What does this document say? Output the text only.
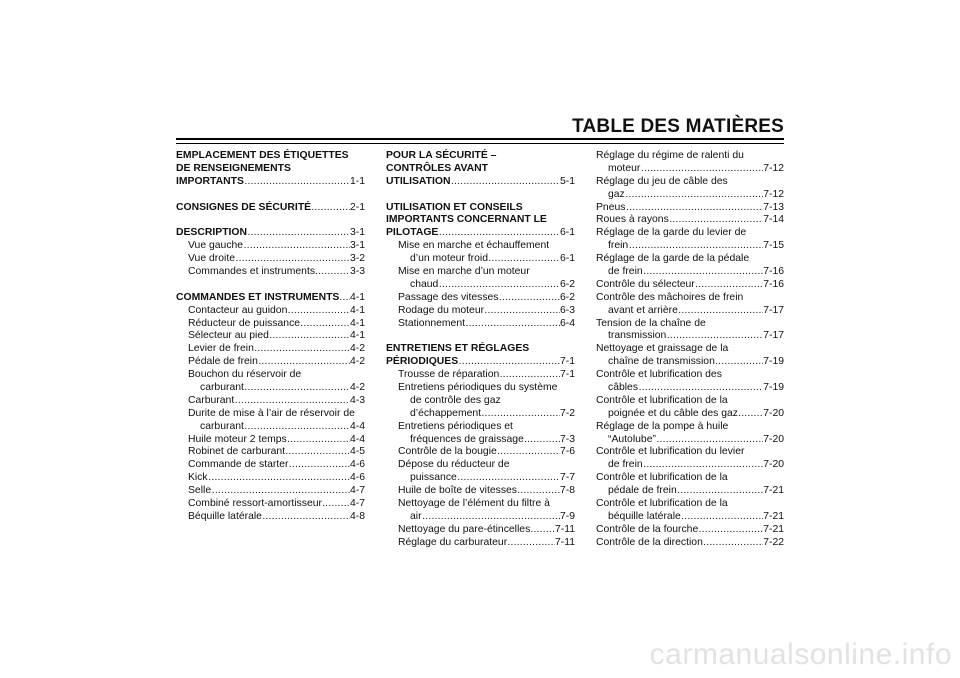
TABLE DES MATIÈRES
EMPLACEMENT DES ÉTIQUETTES
DE RENSEIGNEMENTS
IMPORTANTS .....	1-1
CONSIGNES DE SÉCURITÉ .....	2-1
DESCRIPTION .....	3-1
Vue gauche .....	3-1
Vue droite .....	3-2
Commandes et instruments. .....	3-3
COMMANDES ET INSTRUMENTS ..... 4-1
Contacteur au guidon .....	4-1
Réducteur de puissance .....	4-1
Sélecteur au pied .....	4-1
Levier de frein .....	4-2
Pédale de frein .....	4-2
Bouchon du réservoir de
carburant .....	4-2
Carburant .....	4-3
Durite de mise à l’air de réservoir de
carburant .....	4-4
Huile moteur 2 temps .....	4-4
Robinet de carburant .....	4-5
Commande de starter .....	4-6
Kick .....	4-6
Selle .....	4-7
Combiné ressort-amortisseur .....	4-7
Béquille latérale .....	4-8
POUR LA SÉCURITÉ –
CONTRÔLES AVANT
UTILISATION .....	5-1
UTILISATION ET CONSEILS
IMPORTANTS CONCERNANT LE
PILOTAGE .....	6-1
Mise en marche et échauffement
d’un moteur froid .....	6-1
Mise en marche d’un moteur
chaud .....	6-2
Passage des vitesses .....	6-2
Rodage du moteur .....	6-3
Stationnement .....	6-4
ENTRETIENS ET RÉGLAGES
PÉRIODIQUES .....	7-1
Trousse de réparation .....	7-1
Entretiens périodiques du système
de contrôle des gaz
d’échappement .....	7-2
Entretiens périodiques et
fréquences de graissage .....	7-3
Contrôle de la bougie .....	7-6
Dépose du réducteur de
puissance .....	7-7
Huile de boîte de vitesses .....	7-8
Nettoyage de l’élément du filtre à
air .....	7-9
Nettoyage du pare-étincelles ..... 7-11
Réglage du carburateur .....	7-11
Réglage du régime de ralenti du
moteur .....	7-12
Réglage du jeu de câble des
gaz .....	7-12
Pneus .....	7-13
Roues à rayons .....	7-14
Réglage de la garde du levier de
frein .....	7-15
Réglage de la garde de la pédale
de frein .....	7-16
Contrôle du sélecteur .....	7-16
Contrôle des mâchoires de frein
avant et arrière .....	7-17
Tension de la chaîne de
transmission .....	7-17
Nettoyage et graissage de la
chaîne de transmission .....	7-19
Contrôle et lubrification des
câbles .....	7-19
Contrôle et lubrification de la
poignée et du câble des gaz ..... 7-20
Réglage de la pompe à huile
“Autolube” .....	7-20
Contrôle et lubrification du levier
de frein .....	7-20
Contrôle et lubrification de la
pédale de frein .....	7-21
Contrôle et lubrification de la
béquille latérale .....	7-21
Contrôle de la fourche .....	7-21
Contrôle de la direction .....	7-22
carmanualsonline.info
